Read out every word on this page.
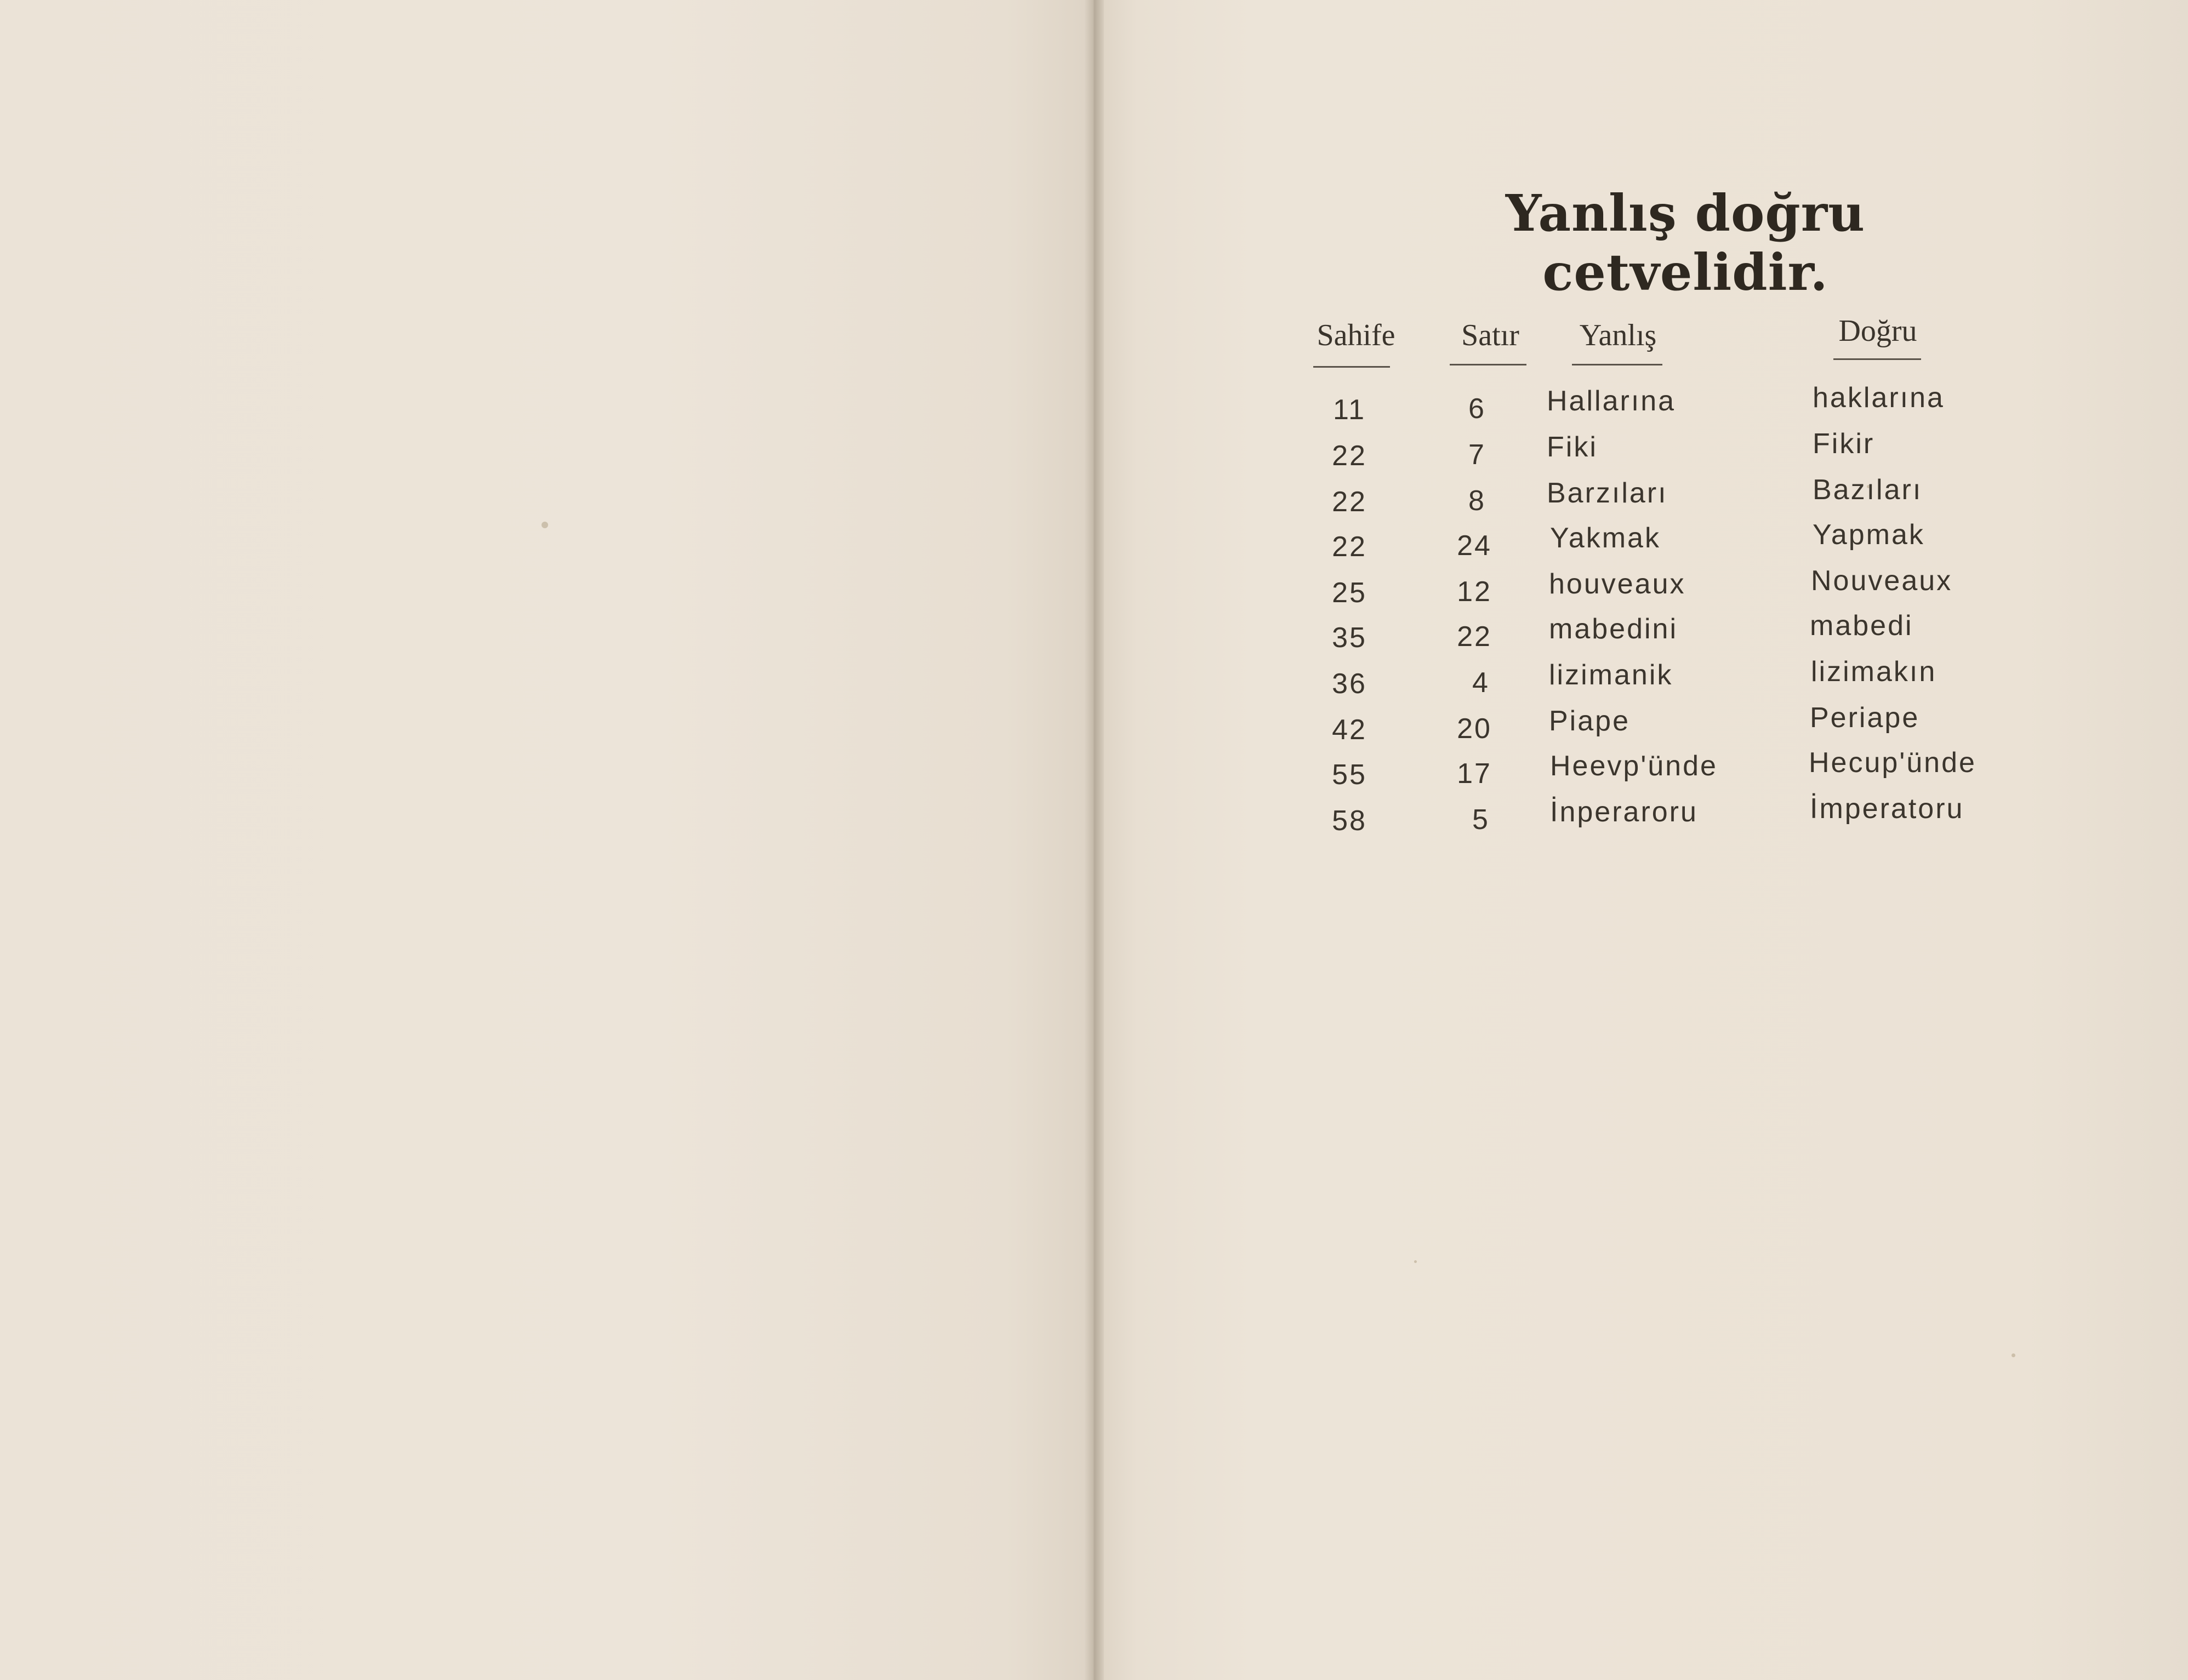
Yanlış doğru cetvelidir.
Sahife Satır Yanlış	Doğru
11	6 Hallarına	haklarına
22	7 Fiki	Fikir
22	8 Barzıları	Bazıları
22	24 Yakmak	Yapmak
25	12 houveaux	Nouveaux
35	22 mabedini	mabedi
36	4 lizimanik	lizimakın
42	20 Piape	Periape
55	17 Heevp'ünde	Hecup'ünde
58	5 İnperaroru	İmperatoru
